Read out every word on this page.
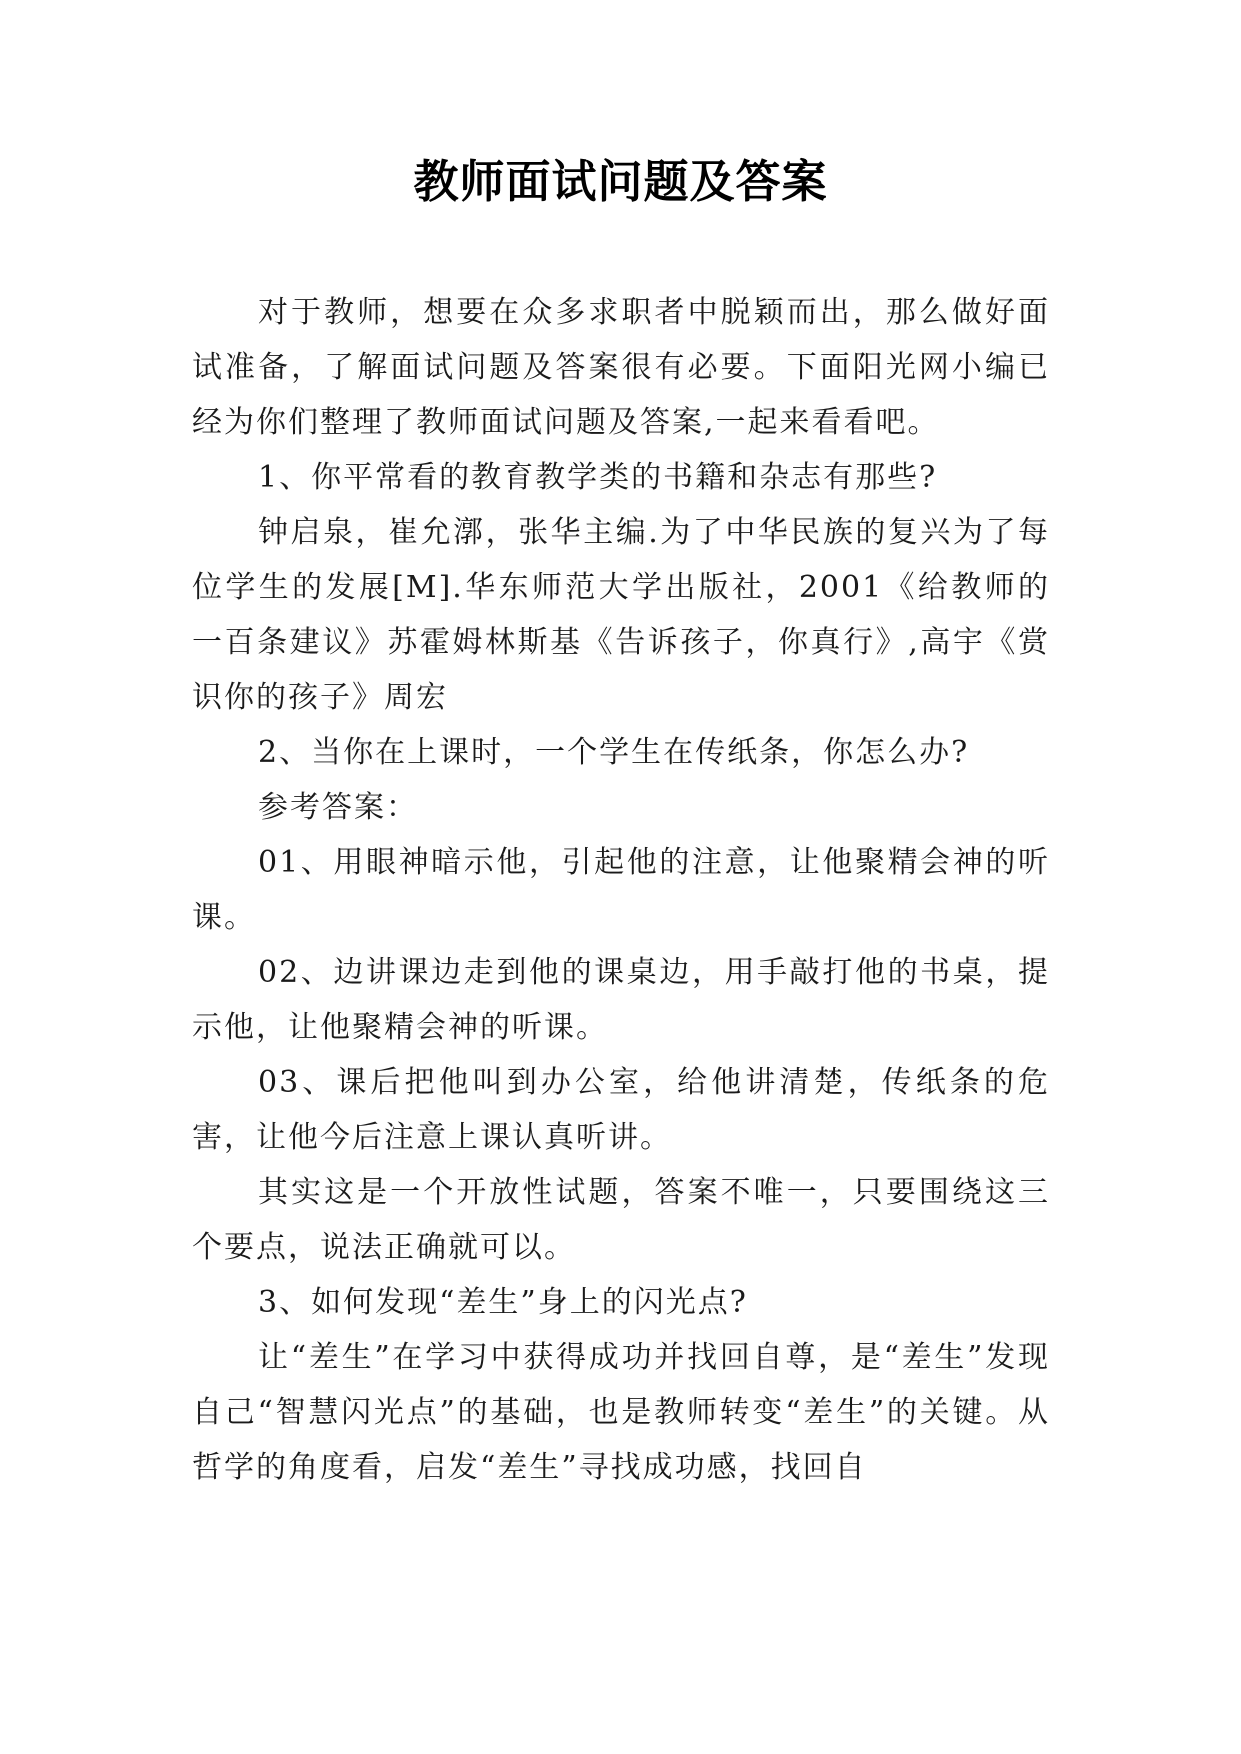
教师面试问题及答案

对于教师，想要在众多求职者中脱颖而出，那么做好面试准备，了解面试问题及答案很有必要。下面阳光网小编已经为你们整理了教师面试问题及答案,一起来看看吧。

1、你平常看的教育教学类的书籍和杂志有那些?

钟启泉，崔允漷，张华主编.为了中华民族的复兴为了每位学生的发展[M].华东师范大学出版社，2001《给教师的一百条建议》苏霍姆林斯基《告诉孩子，你真行》,高宇《赏识你的孩子》周宏

2、当你在上课时，一个学生在传纸条，你怎么办?

参考答案：

01、用眼神暗示他，引起他的注意，让他聚精会神的听课。

02、边讲课边走到他的课桌边，用手敲打他的书桌，提示他，让他聚精会神的听课。

03、课后把他叫到办公室，给他讲清楚，传纸条的危害，让他今后注意上课认真听讲。

其实这是一个开放性试题，答案不唯一，只要围绕这三个要点，说法正确就可以。

3、如何发现“差生”身上的闪光点?

让“差生”在学习中获得成功并找回自尊，是“差生”发现自己“智慧闪光点”的基础，也是教师转变“差生”的关键。从哲学的角度看，启发“差生”寻找成功感，找回自
